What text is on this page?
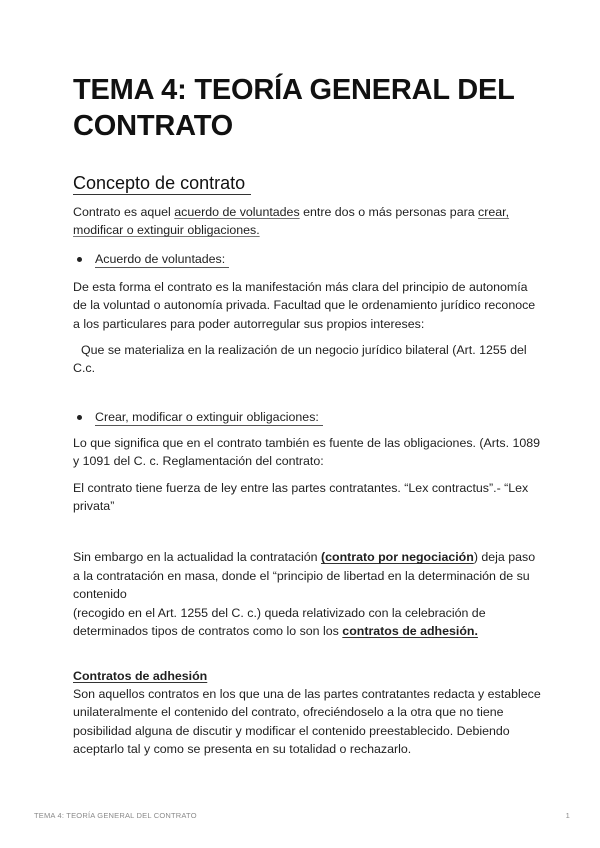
TEMA 4: TEORÍA GENERAL DEL CONTRATO
Concepto de contrato

Contrato es aquel acuerdo de voluntades entre dos o más personas para crear, modificar o extinguir obligaciones.

Acuerdo de voluntades:

De esta forma el contrato es la manifestación más clara del principio de autonomía de la voluntad o autonomía privada. Facultad que le ordenamiento jurídico reconoce a los particulares para poder autorregular sus propios intereses:

Que se materializa en la realización de un negocio jurídico bilateral (Art. 1255 del C.c.

Crear, modificar o extinguir obligaciones:

Lo que significa que en el contrato también es fuente de las obligaciones. (Arts. 1089 y 1091 del C. c. Reglamentación del contrato:

El contrato tiene fuerza de ley entre las partes contratantes. “Lex contractus”.- “Lex privata”

Sin embargo en la actualidad la contratación (contrato por negociación) deja paso a la contratación en masa, donde el “principio de libertad en la determinación de su contenido
(recogido en el Art. 1255 del C. c.) queda relativizado con la celebración de determinados tipos de contratos como lo son los contratos de adhesión.

Contratos de adhesión

Son aquellos contratos en los que una de las partes contratantes redacta y establece unilateralmente el contenido del contrato, ofreciéndoselo a la otra que no tiene posibilidad alguna de discutir y modificar el contenido preestablecido. Debiendo aceptarlo tal y como se presenta en su totalidad o rechazarlo.

TEMA 4: TEORÍA GENERAL DEL CONTRATO	1
